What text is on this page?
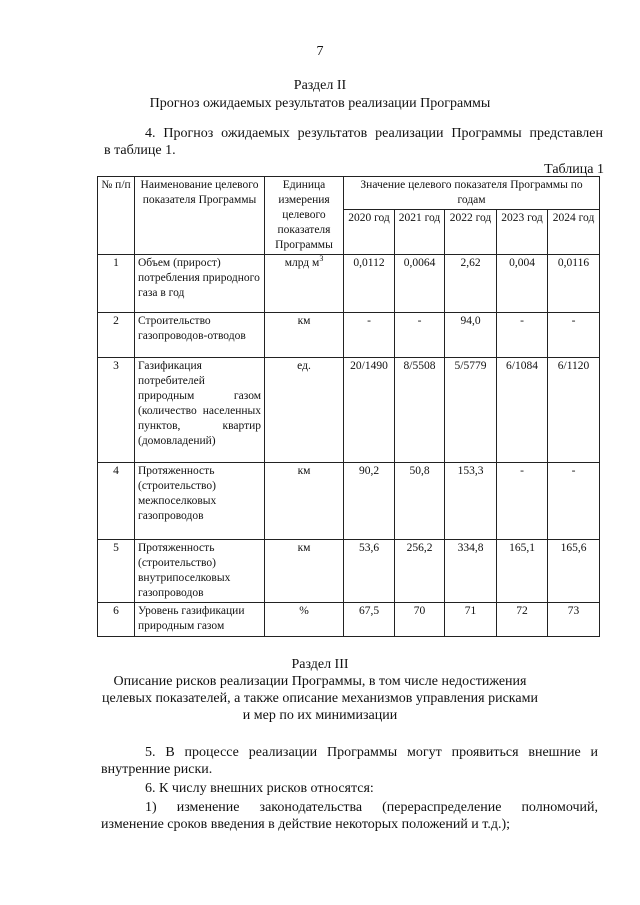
7
Раздел II
Прогноз ожидаемых результатов реализации Программы
4. Прогноз ожидаемых результатов реализации Программы представлен
в таблице 1.
Таблица 1
№ п/п	Наименование целевого показателя Программы	Единица измерения целевого показателя Программы	Значение целевого показателя Программы по годам				
			2020 год	2021 год	2022 год	2023 год	2024 год
1	Объем (прирост) потребления природного газа в год	млрд $м^3$	0,0112	0,0064	2,62	0,004	0,0116
2	Строительство газопроводов-отводов	км	-	-	94,0	-	-
3	Газификация потребителей природным газом (количество населенных пунктов, квартир (домовладений)	ед.	20/1490	8/5508	5/5779	6/1084	6/1120
4	Протяженность (строительство) межпоселковых газопроводов	км	90,2	50,8	153,3	-	-
5	Протяженность (строительство) внутрипоселковых газопроводов	км	53,6	256,2	334,8	165,1	165,6
6	Уровень газификации природным газом	%	67,5	70	71	72	73
Раздел III
Описание рисков реализации Программы, в том числе недостижения
целевых показателей, а также описание механизмов управления рисками
и мер по их минимизации
5. В процессе реализации Программы могут проявиться внешние и
внутренние риски.
6. К числу внешних рисков относятся:
1) изменение законодательства (перераспределение полномочий,
изменение сроков введения в действие некоторых положений и т.д.);
